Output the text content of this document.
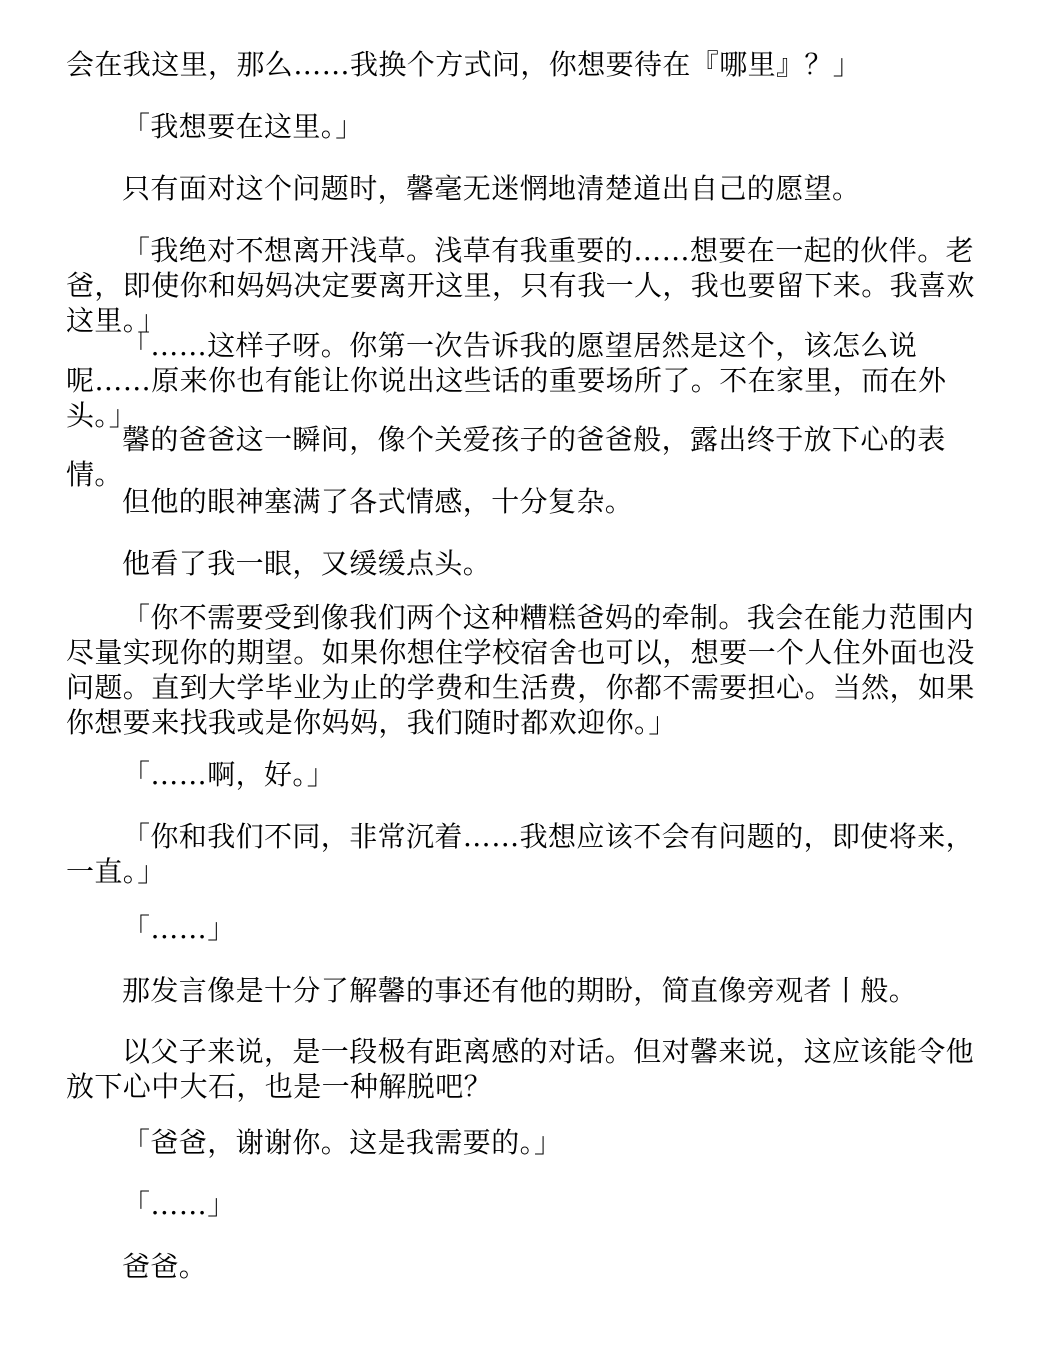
会在我这里，那么……我换个方式问，你想要待在『哪里』？」

「我想要在这里。」

只有面对这个问题时，馨毫无迷惘地清楚道出自己的愿望。

「我绝对不想离开浅草。浅草有我重要的……想要在一起的伙伴。老爸，即使你和妈妈决定要离开这里，只有我一人，我也要留下来。我喜欢这里。」

「……这样子呀。你第一次告诉我的愿望居然是这个，该怎么说呢……原来你也有能让你说出这些话的重要场所了。不在家里，而在外头。」

馨的爸爸这一瞬间，像个关爱孩子的爸爸般，露出终于放下心的表情。

但他的眼神塞满了各式情感，十分复杂。

他看了我一眼，又缓缓点头。

「你不需要受到像我们两个这种糟糕爸妈的牵制。我会在能力范围内尽量实现你的期望。如果你想住学校宿舍也可以，想要一个人住外面也没问题。直到大学毕业为止的学费和生活费，你都不需要担心。当然，如果你想要来找我或是你妈妈，我们随时都欢迎你。」

「……啊，好。」

「你和我们不同，非常沉着……我想应该不会有问题的，即使将来，一直。」

「……」

那发言像是十分了解馨的事还有他的期盼，简直像旁观者丨般。

以父子来说，是一段极有距离感的对话。但对馨来说，这应该能令他放下心中大石，也是一种解脱吧？

「爸爸，谢谢你。这是我需要的。」

「……」

爸爸。
